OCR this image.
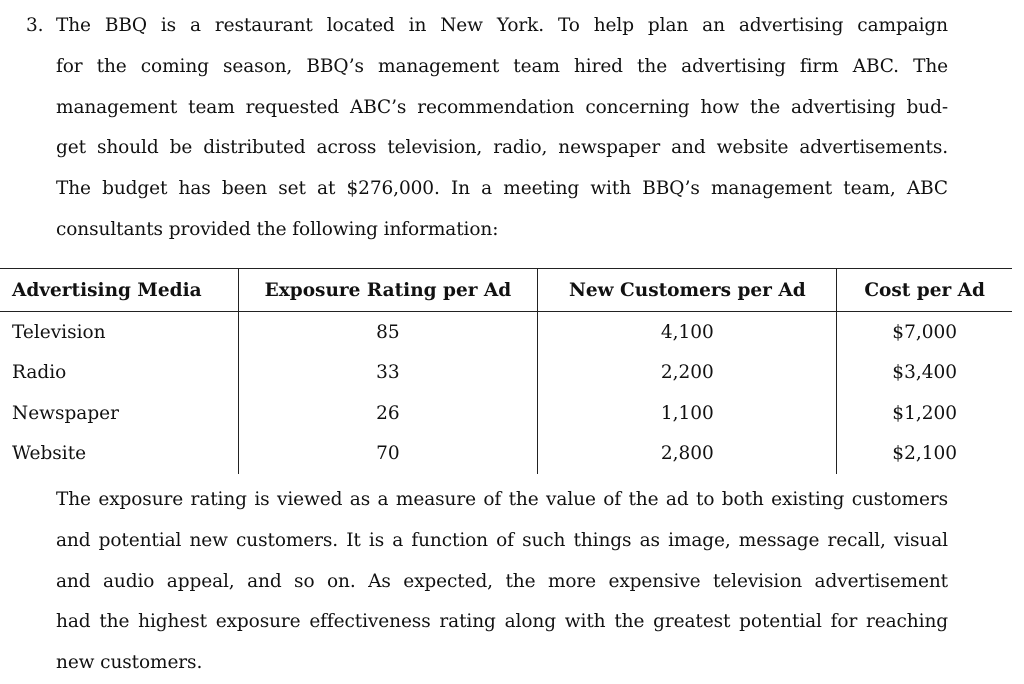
3. The BBQ is a restaurant located in New York. To help plan an advertising campaign
for the coming season, BBQ’s management team hired the advertising firm ABC. The
management team requested ABC’s recommendation concerning how the advertising bud-
get should be distributed across television, radio, newspaper and website advertisements.
The budget has been set at $276,000. In a meeting with BBQ’s management team, ABC
consultants provided the following information:
Advertising Media	Exposure Rating per Ad	New Customers per Ad	Cost per Ad
Television	85	4,100	$7,000
Radio	33	2,200	$3,400
Newspaper	26	1,100	$1,200
Website	70	2,800	$2,100
The exposure rating is viewed as a measure of the value of the ad to both existing customers
and potential new customers. It is a function of such things as image, message recall, visual
and audio appeal, and so on. As expected, the more expensive television advertisement
had the highest exposure effectiveness rating along with the greatest potential for reaching
new customers.
